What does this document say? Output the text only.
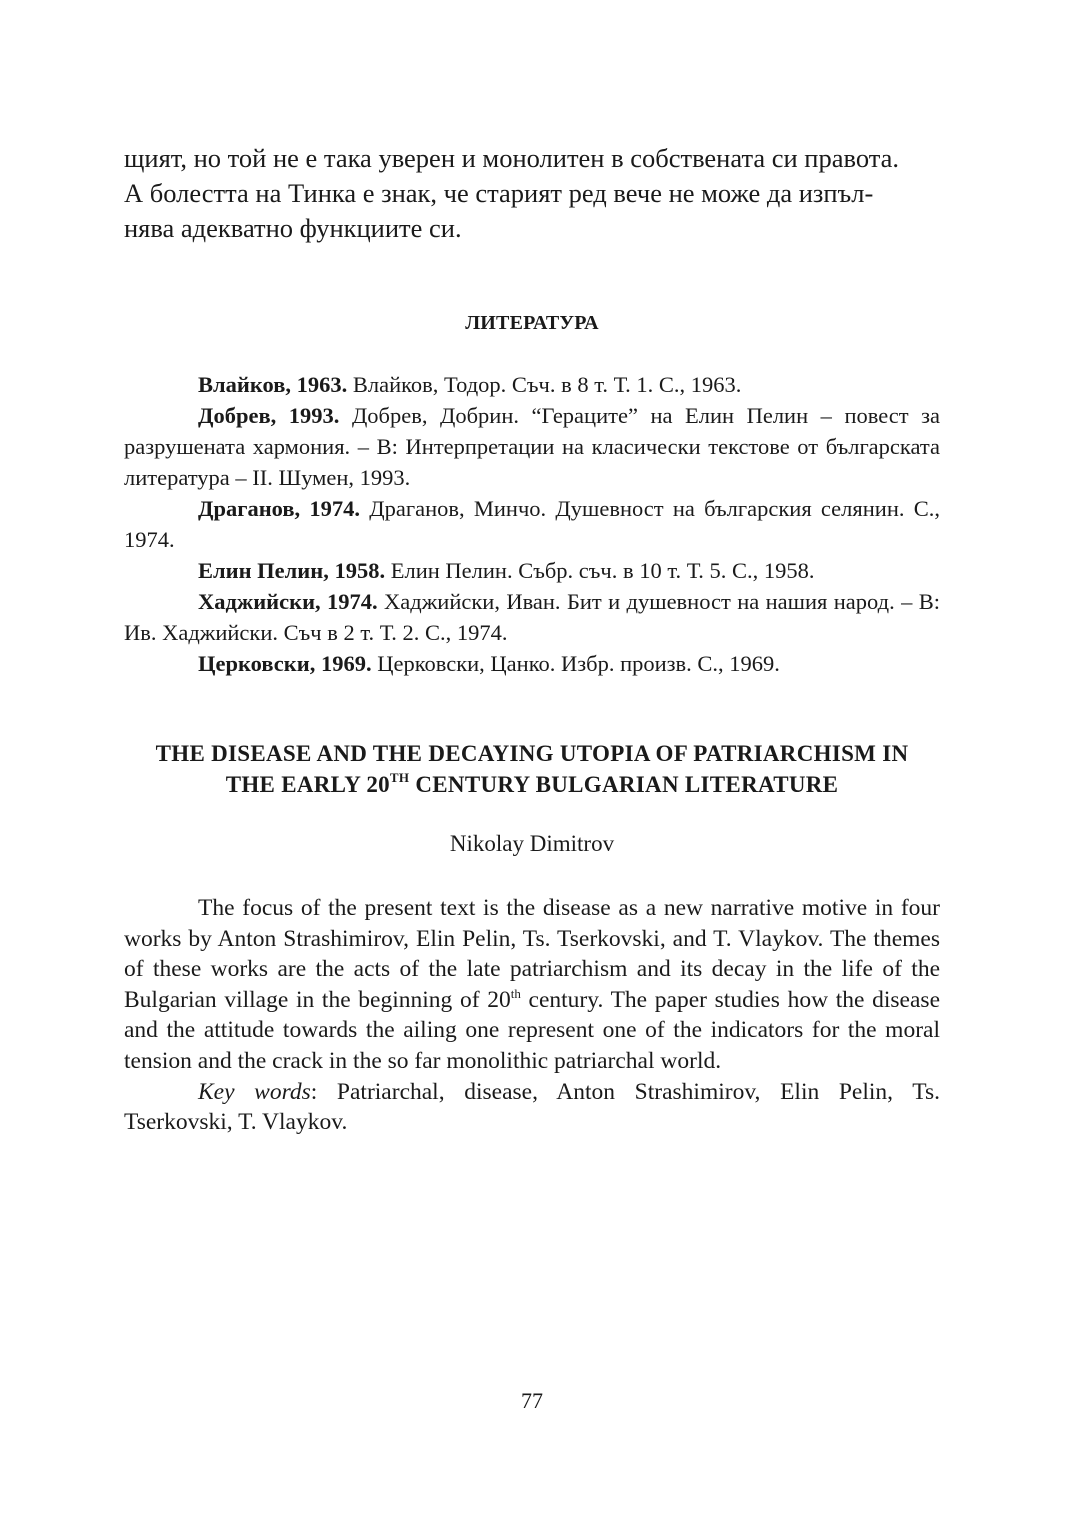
щият, но той не е така уверен и монолитен в собствената си правота.
А болестта на Тинка е знак, че старият ред вече не може да изпъл-
нява адекватно функциите си.

ЛИТЕРАТУРА
Влайков, 1963. Влайков, Тодор. Съч. в 8 т. Т. 1. С., 1963.
Добрев, 1993. Добрев, Добрин. “Гераците” на Елин Пелин – повест за разрушената хармония. – В: Интерпретации на класически текстове от българската литература – II. Шумен, 1993.
Драганов, 1974. Драганов, Минчо. Душевност на българския селянин. С., 1974.
Елин Пелин, 1958. Елин Пелин. Събр. съч. в 10 т. Т. 5. С., 1958.
Хаджийски, 1974. Хаджийски, Иван. Бит и душевност на нашия народ. – В: Ив. Хаджийски. Съч в 2 т. Т. 2. С., 1974.
Церковски, 1969. Церковски, Цанко. Избр. произв. С., 1969.
THE DISEASE AND THE DECAYING UTOPIA OF PATRIARCHISM IN
THE EARLY 20TH CENTURY BULGARIAN LITERATURE

Nikolay Dimitrov

The focus of the present text is the disease as a new narrative motive in four works by Anton Strashimirov, Elin Pelin, Ts. Tserkovski, and T. Vlaykov. The themes of these works are the acts of the late patriarchism and its decay in the life of the Bulgarian village in the beginning of 20th century. The paper studies how the disease and the attitude towards the ailing one represent one of the indicators for the moral tension and the crack in the so far monolithic patriarchal world.
Key words: Patriarchal, disease, Anton Strashimirov, Elin Pelin, Ts. Tserkovski, T. Vlaykov.

77
